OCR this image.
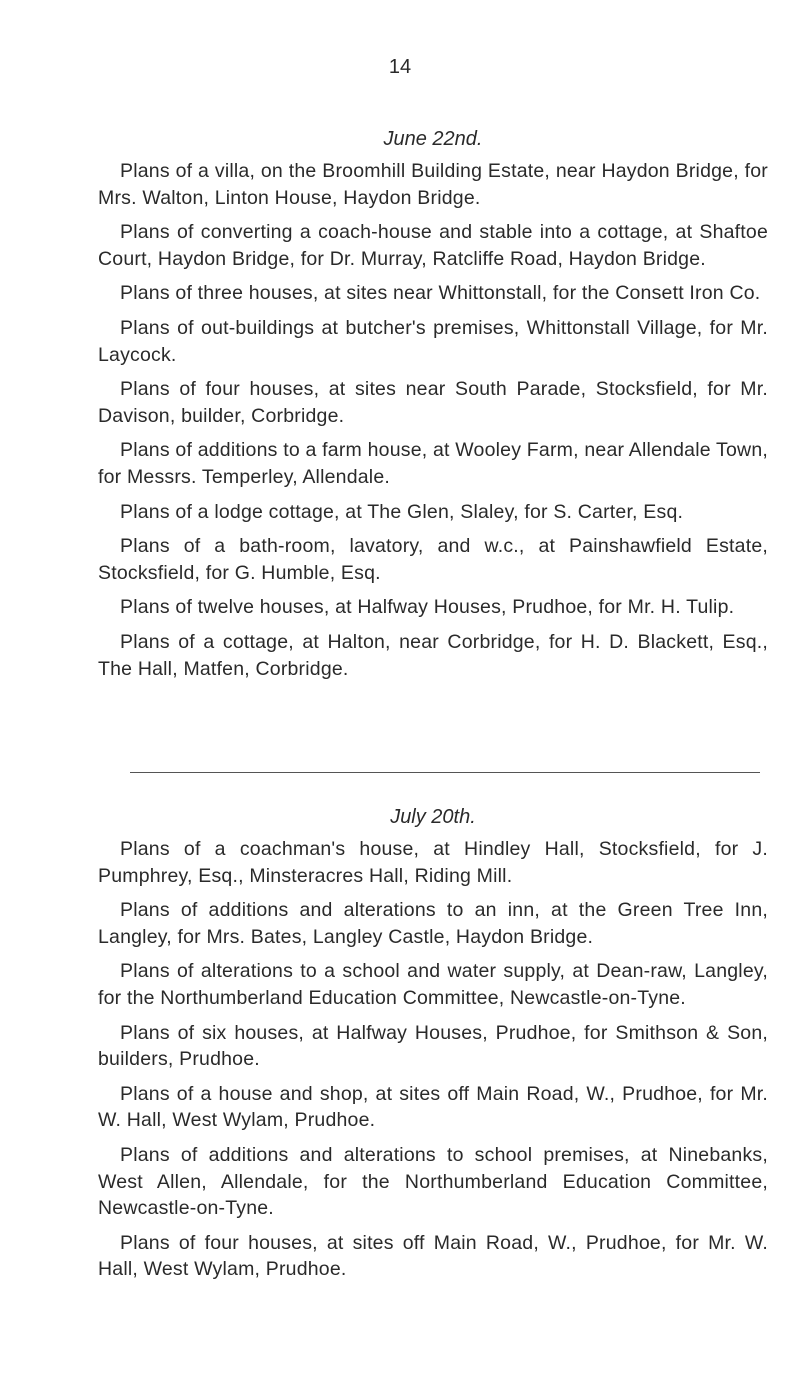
14
June 22nd.

Plans of a villa, on the Broomhill Building Estate, near Haydon Bridge, for Mrs. Walton, Linton House, Haydon Bridge.

Plans of converting a coach-house and stable into a cottage, at Shaftoe Court, Haydon Bridge, for Dr. Murray, Ratcliffe Road, Haydon Bridge.

Plans of three houses, at sites near Whittonstall, for the Consett Iron Co.

Plans of out-buildings at butcher's premises, Whittonstall Village, for Mr. Laycock.

Plans of four houses, at sites near South Parade, Stocksfield, for Mr. Davison, builder, Corbridge.

Plans of additions to a farm house, at Wooley Farm, near Allendale Town, for Messrs. Temperley, Allendale.

Plans of a lodge cottage, at The Glen, Slaley, for S. Carter, Esq.

Plans of a bath-room, lavatory, and w.c., at Painshawfield Estate, Stocksfield, for G. Humble, Esq.

Plans of twelve houses, at Halfway Houses, Prudhoe, for Mr. H. Tulip.

Plans of a cottage, at Halton, near Corbridge, for H. D. Blackett, Esq., The Hall, Matfen, Corbridge.

July 20th.

Plans of a coachman's house, at Hindley Hall, Stocksfield, for J. Pumphrey, Esq., Minsteracres Hall, Riding Mill.

Plans of additions and alterations to an inn, at the Green Tree Inn, Langley, for Mrs. Bates, Langley Castle, Haydon Bridge.

Plans of alterations to a school and water supply, at Dean-raw, Langley, for the Northumberland Education Committee, Newcastle-on-Tyne.

Plans of six houses, at Halfway Houses, Prudhoe, for Smithson & Son, builders, Prudhoe.

Plans of a house and shop, at sites off Main Road, W., Prudhoe, for Mr. W. Hall, West Wylam, Prudhoe.

Plans of additions and alterations to school premises, at Ninebanks, West Allen, Allendale, for the Northumberland Education Committee, Newcastle-on-Tyne.

Plans of four houses, at sites off Main Road, W., Prudhoe, for Mr. W. Hall, West Wylam, Prudhoe.
